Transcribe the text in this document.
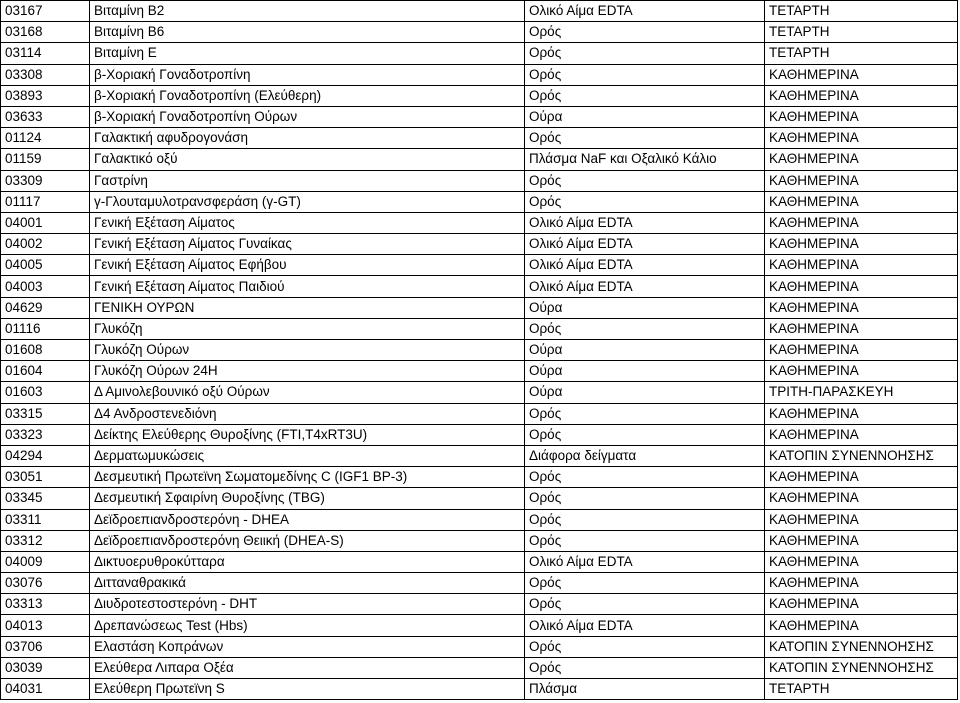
03167	Βιταμίνη B2	Ολικό Αίμα EDTA	ΤΕΤΑΡΤΗ
03168	Βιταμίνη B6	Ορός	ΤΕΤΑΡΤΗ
03114	Βιταμίνη E	Ορός	ΤΕΤΑΡΤΗ
03308	β-Χοριακή Γοναδοτροπίνη	Ορός	ΚΑΘΗΜΕΡΙΝΑ
03893	β-Χοριακή Γοναδοτροπίνη (Ελεύθερη)	Ορός	ΚΑΘΗΜΕΡΙΝΑ
03633	β-Χοριακή Γοναδοτροπίνη Ούρων	Ούρα	ΚΑΘΗΜΕΡΙΝΑ
01124	Γαλακτική αφυδρογονάση	Ορός	ΚΑΘΗΜΕΡΙΝΑ
01159	Γαλακτικό οξύ	Πλάσμα NaF και Οξαλικό Κάλιο	ΚΑΘΗΜΕΡΙΝΑ
03309	Γαστρίνη	Ορός	ΚΑΘΗΜΕΡΙΝΑ
01117	γ-Γλουταμυλοτρανσφεράση (γ-GT)	Ορός	ΚΑΘΗΜΕΡΙΝΑ
04001	Γενική Εξέταση Αίματος	Ολικό Αίμα EDTA	ΚΑΘΗΜΕΡΙΝΑ
04002	Γενική Εξέταση Αίματος Γυναίκας	Ολικό Αίμα EDTA	ΚΑΘΗΜΕΡΙΝΑ
04005	Γενική Εξέταση Αίματος Εφήβου	Ολικό Αίμα EDTA	ΚΑΘΗΜΕΡΙΝΑ
04003	Γενική Εξέταση Αίματος Παιδιού	Ολικό Αίμα EDTA	ΚΑΘΗΜΕΡΙΝΑ
04629	ΓΕΝΙΚΗ ΟΥΡΩΝ	Ούρα	ΚΑΘΗΜΕΡΙΝΑ
01116	Γλυκόζη	Ορός	ΚΑΘΗΜΕΡΙΝΑ
01608	Γλυκόζη Ούρων	Ούρα	ΚΑΘΗΜΕΡΙΝΑ
01604	Γλυκόζη Ούρων 24Η	Ούρα	ΚΑΘΗΜΕΡΙΝΑ
01603	Δ Αμινολεβουνικό οξύ Ούρων	Ούρα	ΤΡΙΤΗ-ΠΑΡΑΣΚΕΥΗ
03315	Δ4 Ανδροστενεδιόνη	Ορός	ΚΑΘΗΜΕΡΙΝΑ
03323	Δείκτης Ελεύθερης Θυροξίνης (FTI,T4xRT3U)	Ορός	ΚΑΘΗΜΕΡΙΝΑ
04294	Δερματωμυκώσεις	Διάφορα δείγματα	ΚΑΤΟΠΙΝ ΣΥΝΕΝΝΟΗΣΗΣ
03051	Δεσμευτική Πρωτεϊνη Σωματομεδίνης C (IGF1 BP-3)	Ορός	ΚΑΘΗΜΕΡΙΝΑ
03345	Δεσμευτική Σφαιρίνη Θυροξίνης (TBG)	Ορός	ΚΑΘΗΜΕΡΙΝΑ
03311	Δεϊδροεπιανδροστερόνη - DHEA	Ορός	ΚΑΘΗΜΕΡΙΝΑ
03312	Δεϊδροεπιανδροστερόνη Θειική (DHEA-S)	Ορός	ΚΑΘΗΜΕΡΙΝΑ
04009	Δικτυοερυθροκύτταρα	Ολικό Αίμα EDTA	ΚΑΘΗΜΕΡΙΝΑ
03076	Διτταναθρακικά	Ορός	ΚΑΘΗΜΕΡΙΝΑ
03313	Διυδροτεστοστερόνη - DHT	Ορός	ΚΑΘΗΜΕΡΙΝΑ
04013	Δρεπανώσεως Test (Hbs)	Ολικό Αίμα EDTA	ΚΑΘΗΜΕΡΙΝΑ
03706	Ελαστάση Κοπράνων	Ορός	ΚΑΤΟΠΙΝ ΣΥΝΕΝΝΟΗΣΗΣ
03039	Ελεύθερα Λιπαρα Οξέα	Ορός	ΚΑΤΟΠΙΝ ΣΥΝΕΝΝΟΗΣΗΣ
04031	Ελεύθερη Πρωτεϊνη S	Πλάσμα	ΤΕΤΑΡΤΗ
